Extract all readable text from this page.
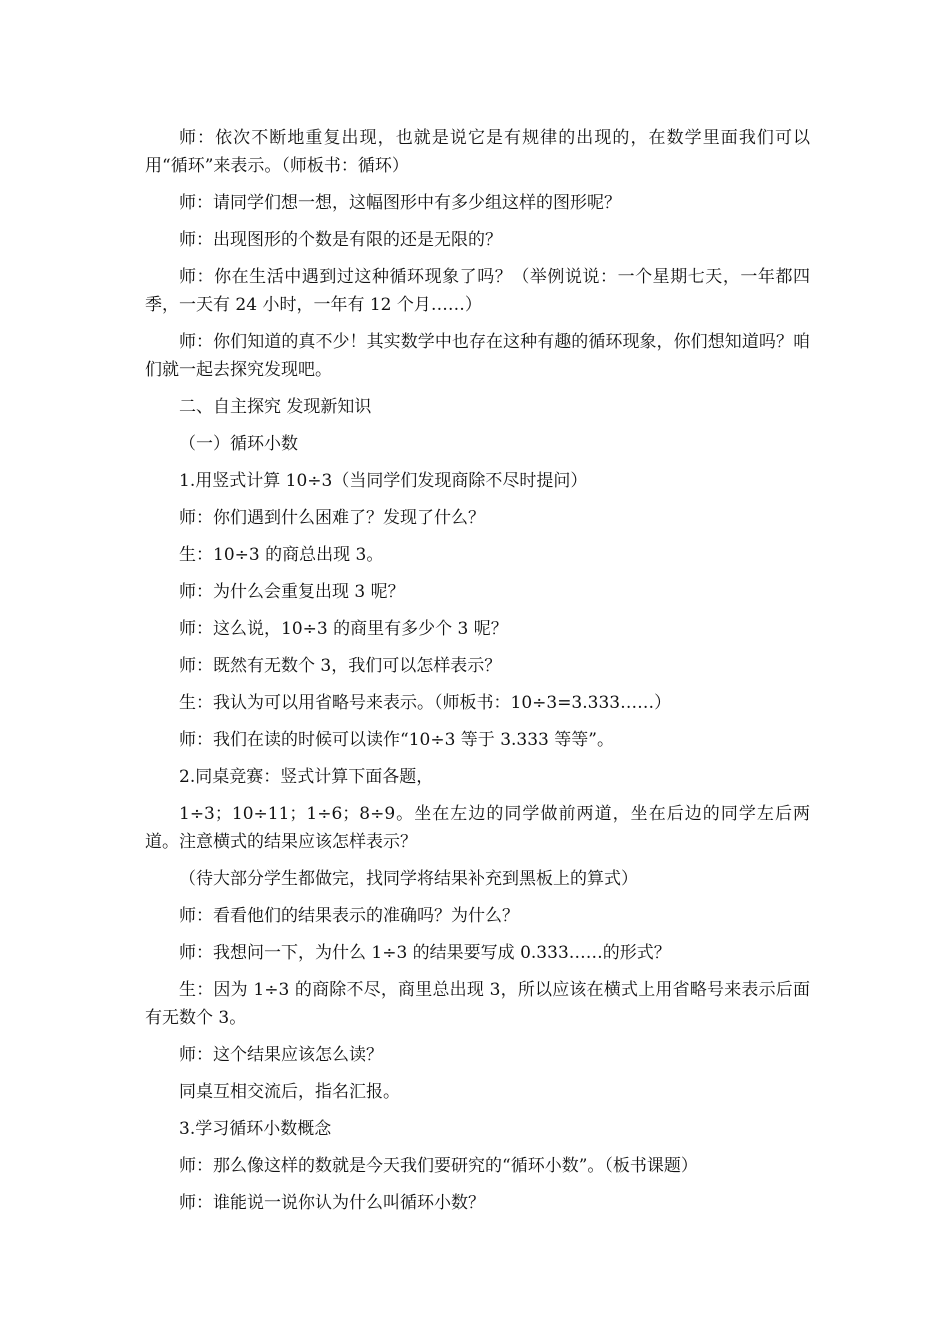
师：依次不断地重复出现，也就是说它是有规律的出现的，在数学里面我们可以用“循环”来表示。（师板书：循环）

师：请同学们想一想，这幅图形中有多少组这样的图形呢？

师：出现图形的个数是有限的还是无限的？

师：你在生活中遇到过这种循环现象了吗？（举例说说：一个星期七天，一年都四季，一天有 24 小时，一年有 12 个月……）

师：你们知道的真不少！其实数学中也存在这种有趣的循环现象，你们想知道吗？咱们就一起去探究发现吧。

二、自主探究 发现新知识

（一）循环小数

1.用竖式计算 10÷3（当同学们发现商除不尽时提问）

师：你们遇到什么困难了？发现了什么？

生：10÷3 的商总出现 3。

师：为什么会重复出现 3 呢？

师：这么说，10÷3 的商里有多少个 3 呢？

师：既然有无数个 3，我们可以怎样表示？

生：我认为可以用省略号来表示。（师板书：10÷3=3.333……）

师：我们在读的时候可以读作“10÷3 等于 3.333 等等”。

2.同桌竞赛：竖式计算下面各题，

1÷3；10÷11；1÷6；8÷9。坐在左边的同学做前两道，坐在后边的同学左后两道。注意横式的结果应该怎样表示？

（待大部分学生都做完，找同学将结果补充到黑板上的算式）

师：看看他们的结果表示的准确吗？为什么？

师：我想问一下，为什么 1÷3 的结果要写成 0.333……的形式？

生：因为 1÷3 的商除不尽，商里总出现 3，所以应该在横式上用省略号来表示后面有无数个 3。

师：这个结果应该怎么读？

同桌互相交流后，指名汇报。

3.学习循环小数概念

师：那么像这样的数就是今天我们要研究的“循环小数”。（板书课题）

师：谁能说一说你认为什么叫循环小数？
